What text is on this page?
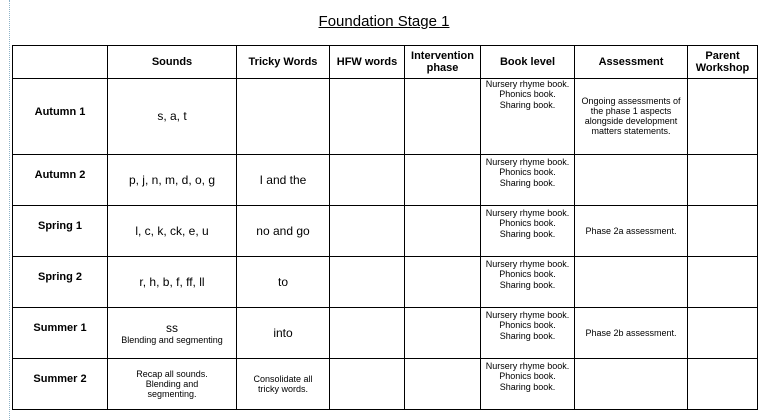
Foundation Stage 1
	Sounds	Tricky Words	HFW words	Intervention phase	Book level	Assessment	Parent Workshop
Autumn 1	s, a, t				Nursery rhyme book.
Phonics book.
Sharing book.	Ongoing assessments of the phase 1 aspects alongside development matters statements.	
Autumn 2	p, j, n, m, d, o, g	I and the			Nursery rhyme book.
Phonics book.
Sharing book.		

Spring 1	l, c, k, ck, e, u	no and go			Nursery rhyme book.
Phonics book.
Sharing book.	Phase 2a assessment.	
Spring 2	r, h, b, f, ff, ll	to			Nursery rhyme book.
Phonics book.
Sharing book.		

Summer 1	ss
Blending and segmenting	into			Nursery rhyme book.
Phonics book.
Sharing book.	Phase 2b assessment.	
Summer 2	Recap all sounds. Blending and segmenting.	Consolidate all tricky words.			Nursery rhyme book.
Phonics book.
Sharing book.		
